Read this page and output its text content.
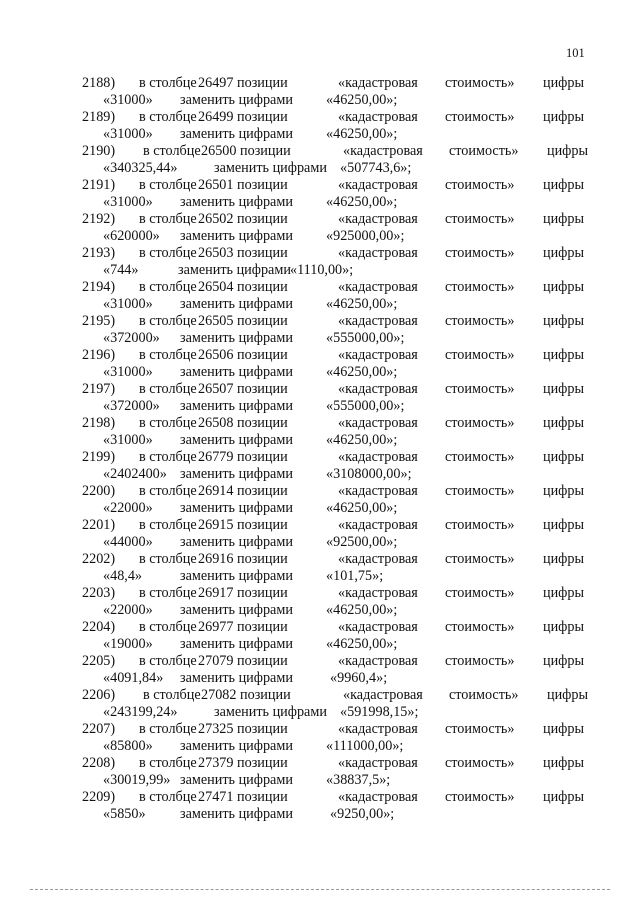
101
2188) в столбце 26497 позиции	«кадастровая стоимость» цифры
«31000» заменить цифрами «46250,00»;
2189) в столбце 26499 позиции	«кадастровая стоимость» цифры
«31000» заменить цифрами «46250,00»;
2190) в столбце 26500 позиции	«кадастровая стоимость» цифры
«340325,44»	заменить цифрами «507743,6»;
2191) в столбце 26501 позиции	«кадастровая стоимость» цифры
«31000» заменить цифрами «46250,00»;
2192) в столбце 26502 позиции	«кадастровая стоимость» цифры
«620000» заменить цифрами «925000,00»;
2193) в столбце 26503 позиции	«кадастровая стоимость» цифры
«744»	заменить цифрами «1110,00»;
2194) в столбце 26504 позиции	«кадастровая стоимость» цифры
«31000» заменить цифрами «46250,00»;
2195) в столбце 26505 позиции	«кадастровая стоимость» цифры
«372000» заменить цифрами «555000,00»;
2196) в столбце 26506 позиции	«кадастровая стоимость» цифры
«31000» заменить цифрами «46250,00»;
2197) в столбце 26507 позиции	«кадастровая стоимость» цифры
«372000» заменить цифрами «555000,00»;
2198) в столбце 26508 позиции	«кадастровая стоимость» цифры
«31000» заменить цифрами «46250,00»;
2199) в столбце 26779 позиции	«кадастровая стоимость» цифры
«2402400» заменить цифрами «3108000,00»;
2200) в столбце 26914 позиции	«кадастровая стоимость» цифры
«22000» заменить цифрами «46250,00»;
2201) в столбце 26915 позиции	«кадастровая стоимость» цифры
«44000» заменить цифрами «92500,00»;
2202) в столбце 26916 позиции	«кадастровая стоимость» цифры
«48,4»	заменить цифрами «101,75»;
2203) в столбце 26917 позиции	«кадастровая стоимость» цифры
«22000» заменить цифрами «46250,00»;
2204) в столбце 26977 позиции	«кадастровая стоимость» цифры
«19000» заменить цифрами «46250,00»;
2205) в столбце 27079 позиции	«кадастровая стоимость» цифры
«4091,84» заменить цифрами	«9960,4»;
2206) в столбце 27082 позиции	«кадастровая стоимость» цифры
«243199,24»	заменить цифрами «591998,15»;
2207) в столбце 27325 позиции	«кадастровая стоимость» цифры
«85800» заменить цифрами «111000,00»;
2208) в столбце 27379 позиции	«кадастровая стоимость» цифры
«30019,99» заменить цифрами «38837,5»;
2209) в столбце 27471 позиции	«кадастровая стоимость» цифры
«5850» заменить цифрами	«9250,00»;
